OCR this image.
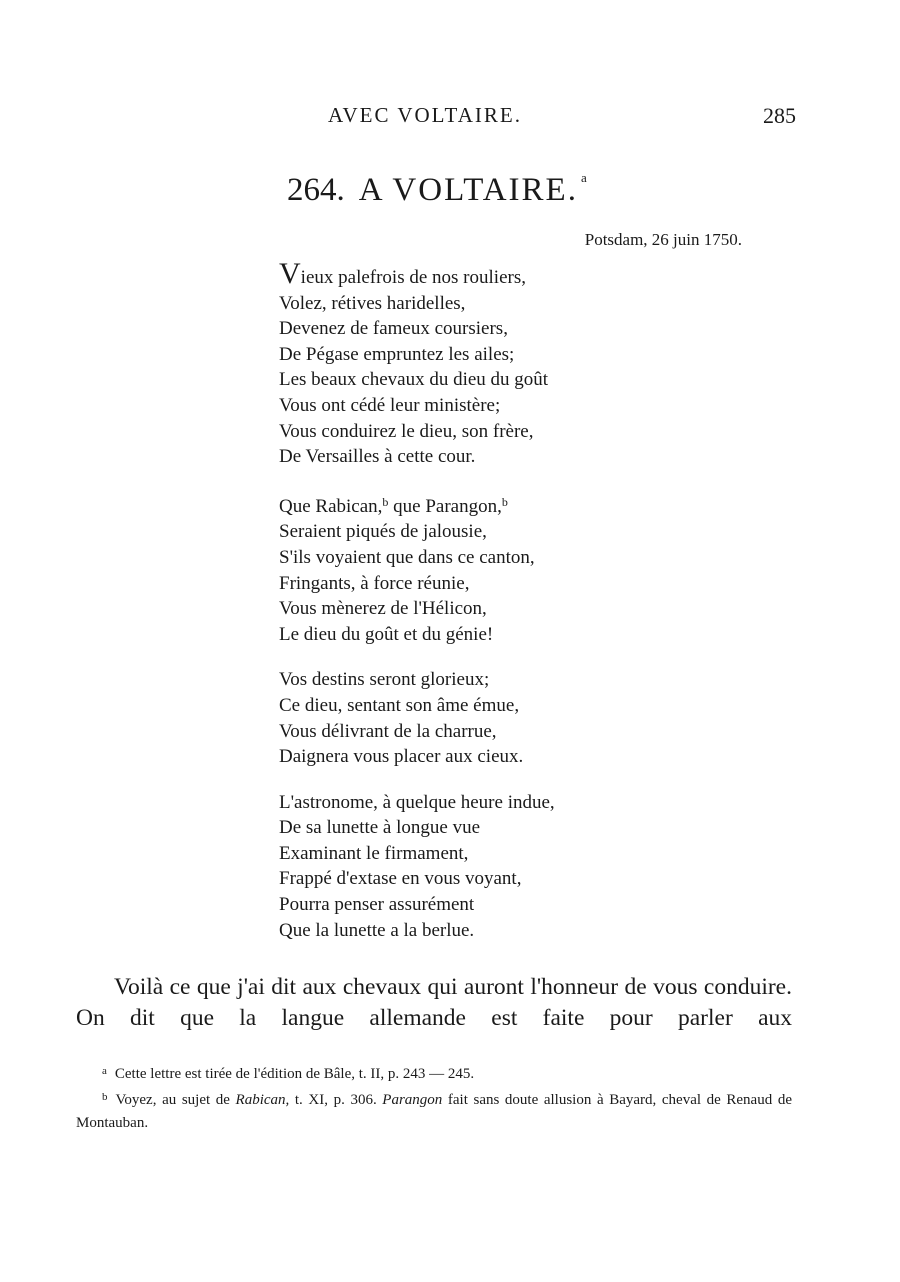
AVEC VOLTAIRE.	285
264. A VOLTAIRE. $^a$
Potsdam, 26 juin 1750.
Vieux palefrois de nos rouliers,
Volez, rétives haridelles,
Devenez de fameux coursiers,
De Pégase empruntez les ailes;
Les beaux chevaux du dieu du goût
Vous ont cédé leur ministère;
Vous conduirez le dieu, son frère,
De Versailles à cette cour.
Que Rabican,$^b$ que Parangon,$^b$
Seraient piqués de jalousie,
S'ils voyaient que dans ce canton,
Fringants, à force réunie,
Vous mènerez de l'Hélicon,
Le dieu du goût et du génie!
Vos destins seront glorieux;
Ce dieu, sentant son âme émue,
Vous délivrant de la charrue,
Daignera vous placer aux cieux.
L'astronome, à quelque heure indue,
De sa lunette à longue vue
Examinant le firmament,
Frappé d'extase en vous voyant,
Pourra penser assurément
Que la lunette a la berlue.

Voilà ce que j'ai dit aux chevaux qui auront l'honneur de vous conduire. On dit que la langue allemande est faite pour parler aux

$^a$ Cette lettre est tirée de l'édition de Bâle, t. II, p. 243 — 245.

$^b$ Voyez, au sujet de Rabican, t. XI, p. 306. Parangon fait sans doute allusion à Bayard, cheval de Renaud de Montauban.
